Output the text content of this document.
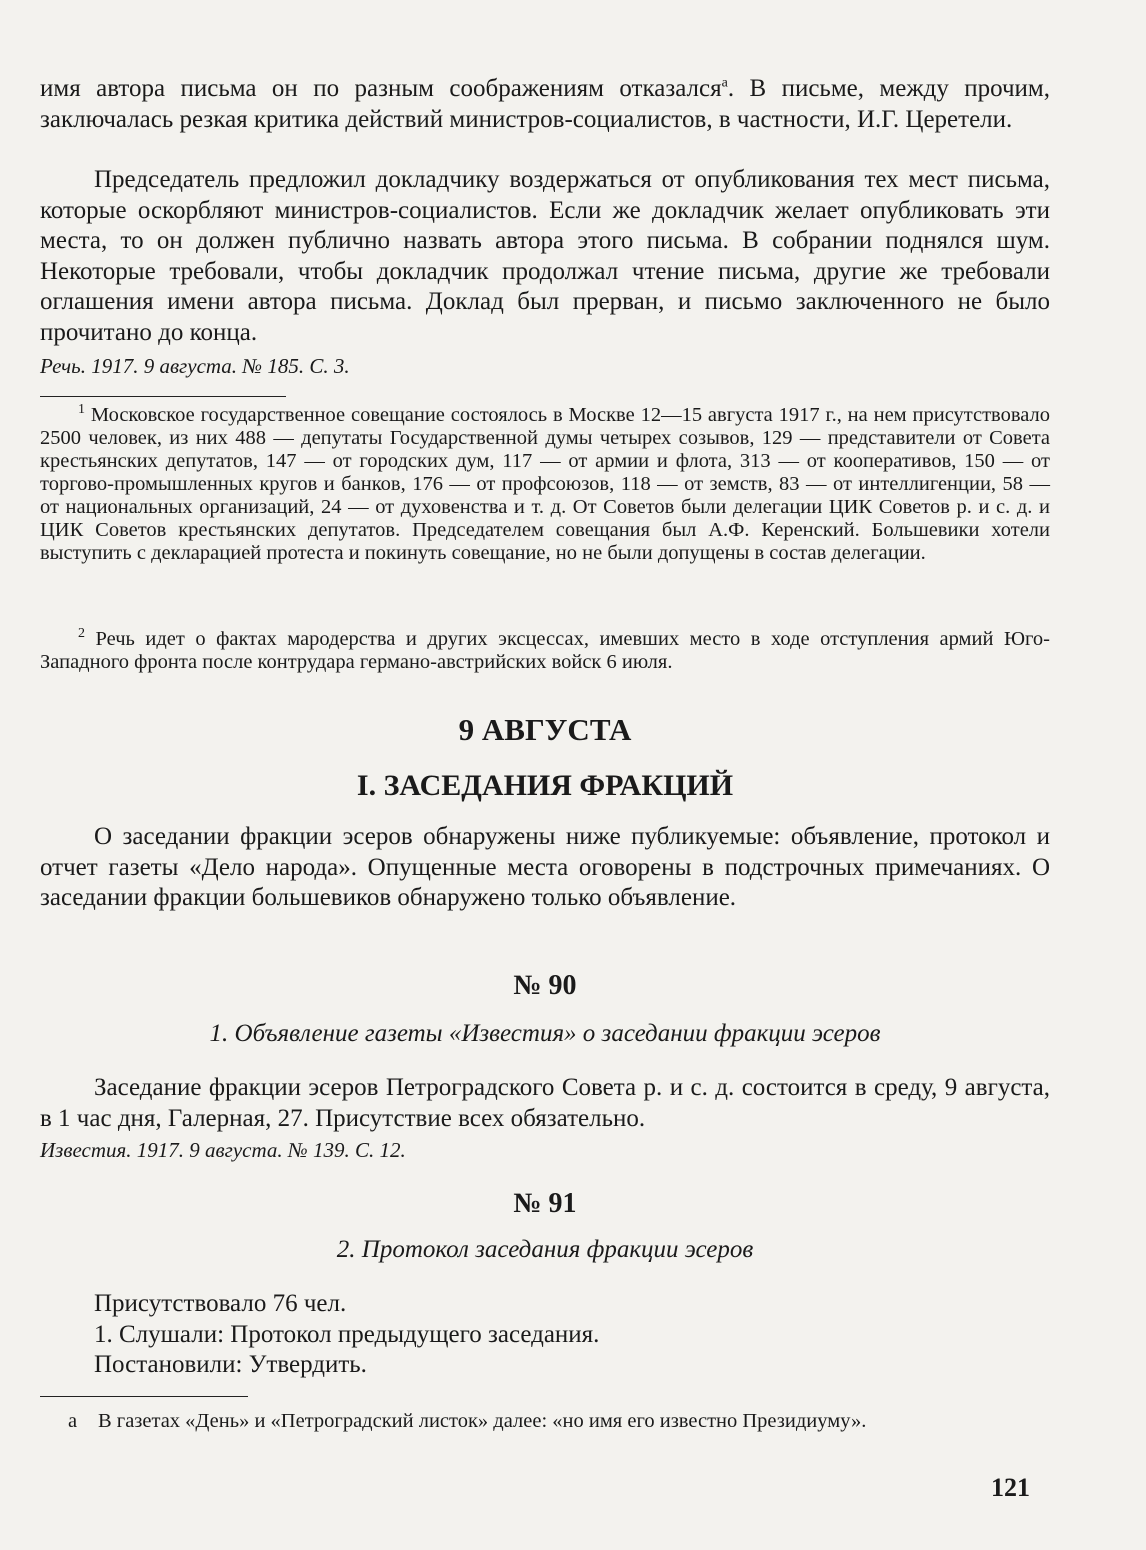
имя автора письма он по разным соображениям отказался$^а$. В письме, между прочим, заключалась резкая критика действий министров-социалистов, в частности, И.Г. Церетели.

Председатель предложил докладчику воздержаться от опубликования тех мест письма, которые оскорбляют министров-социалистов. Если же докладчик желает опубликовать эти места, то он должен публично назвать автора этого письма. В собрании поднялся шум. Некоторые требовали, чтобы докладчик продолжал чтение письма, другие же требовали оглашения имени автора письма. Доклад был прерван, и письмо заключенного не было прочитано до конца.

Речь. 1917. 9 августа. № 185. С. 3.

$^1$ Московское государственное совещание состоялось в Москве 12—15 августа 1917 г., на нем присутствовало 2500 человек, из них 488 — депутаты Государственной думы четырех созывов, 129 — представители от Совета крестьянских депутатов, 147 — от городских дум, 117 — от армии и флота, 313 — от кооперативов, 150 — от торгово-промышленных кругов и банков, 176 — от профсоюзов, 118 — от земств, 83 — от интеллигенции, 58 — от национальных организаций, 24 — от духовенства и т. д. От Советов были делегации ЦИК Советов р. и с. д. и ЦИК Советов крестьянских депутатов. Председателем совещания был А.Ф. Керенский. Большевики хотели выступить с декларацией протеста и покинуть совещание, но не были допущены в состав делегации.

$^2$ Речь идет о фактах мародерства и других эксцессах, имевших место в ходе отступления армий Юго-Западного фронта после контрудара германо-австрийских войск 6 июля.

9 АВГУСТА
I. ЗАСЕДАНИЯ ФРАКЦИЙ

О заседании фракции эсеров обнаружены ниже публикуемые: объявление, протокол и отчет газеты «Дело народа». Опущенные места оговорены в подстрочных примечаниях. О заседании фракции большевиков обнаружено только объявление.

№ 90
1. Объявление газеты «Известия» о заседании фракции эсеров

Заседание фракции эсеров Петроградского Совета р. и с. д. состоится в среду, 9 августа, в 1 час дня, Галерная, 27. Присутствие всех обязательно.

Известия. 1917. 9 августа. № 139. С. 12.

№ 91
2. Протокол заседания фракции эсеров

Присутствовало 76 чел.

1. Слушали: Протокол предыдущего заседания.

Постановили: Утвердить.

а В газетах «День» и «Петроградский листок» далее: «но имя его известно Президиуму».

121
